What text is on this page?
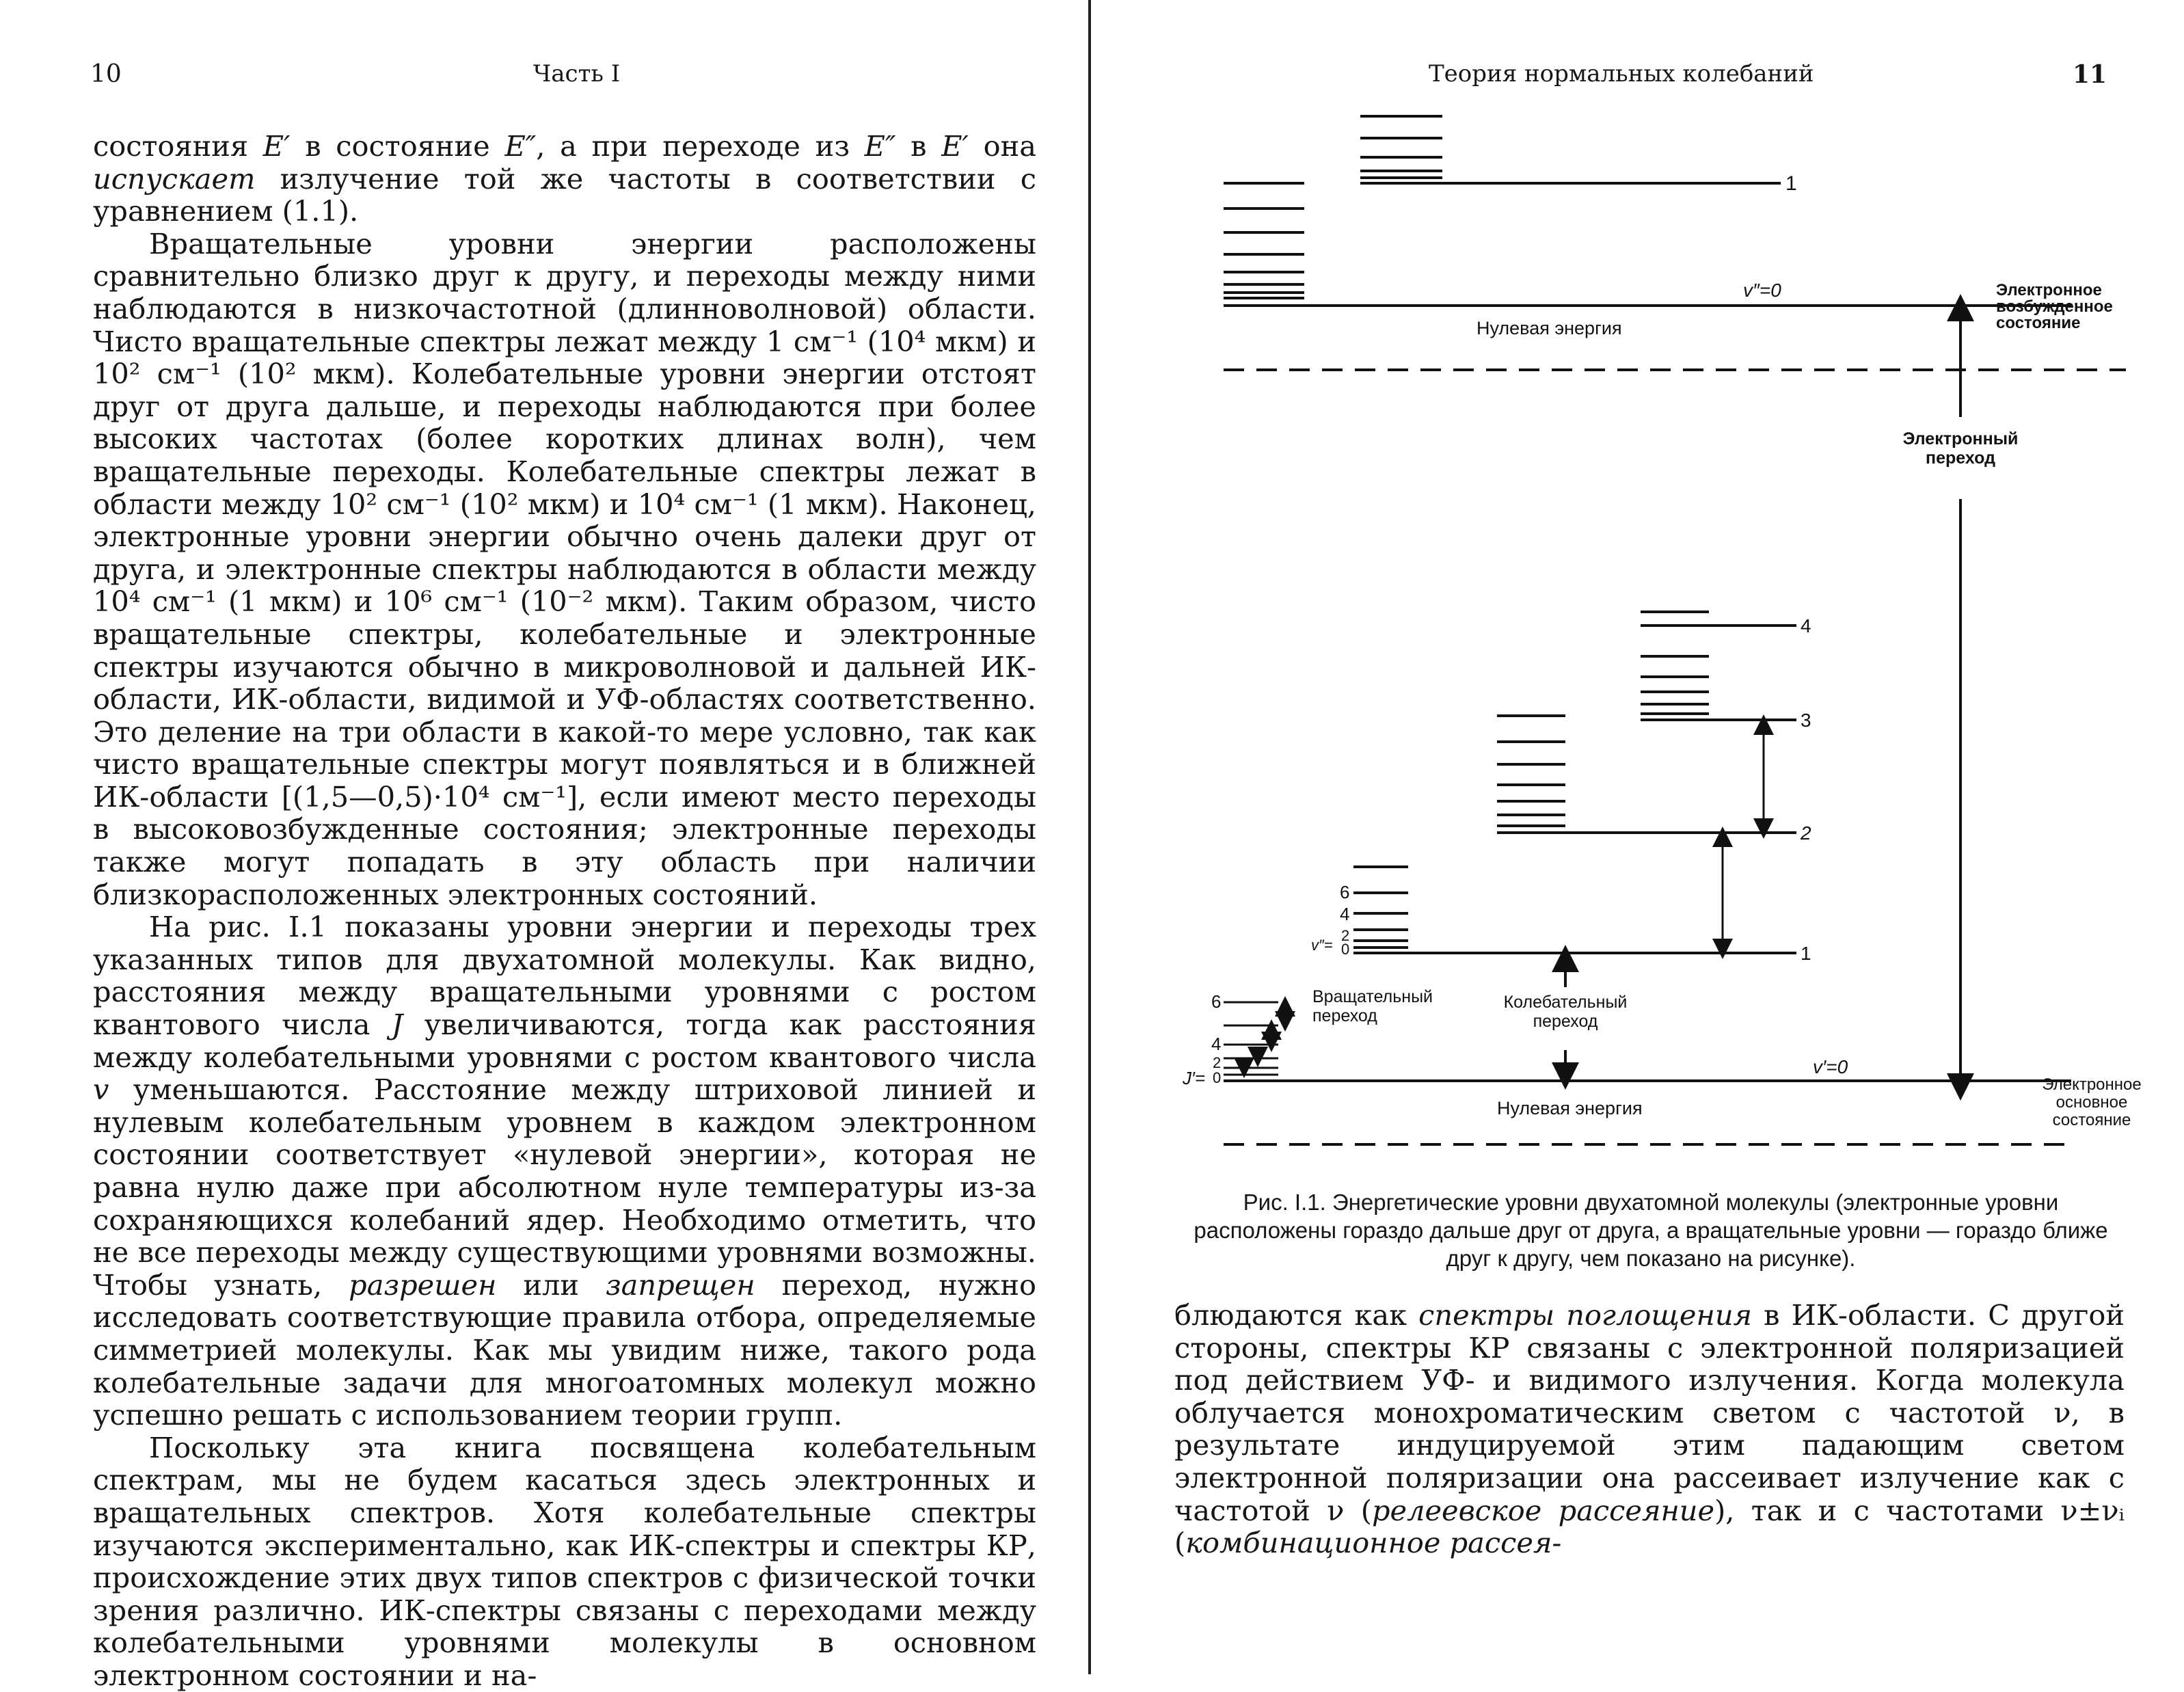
10	Часть I

состояния E′ в состояние E″, а при переходе из E″ в E′ она испускает излучение той же частоты в соответствии с уравнением (1.1).

Вращательные уровни энергии расположены сравнительно близко друг к другу, и переходы между ними наблюдаются в низкочастотной (длинноволновой) области. Чисто вращательные спектры лежат между 1 см⁻¹ (10⁴ мкм) и 10² см⁻¹ (10² мкм). Колебательные уровни энергии отстоят друг от друга дальше, и переходы наблюдаются при более высоких частотах (более коротких длинах волн), чем вращательные переходы. Колебательные спектры лежат в области между 10² см⁻¹ (10² мкм) и 10⁴ см⁻¹ (1 мкм). Наконец, электронные уровни энергии обычно очень далеки друг от друга, и электронные спектры наблюдаются в области между 10⁴ см⁻¹ (1 мкм) и 10⁶ см⁻¹ (10⁻² мкм). Таким образом, чисто вращательные спектры, колебательные и электронные спектры изучаются обычно в микроволновой и дальней ИК-области, ИК-области, видимой и УФ-областях соответственно. Это деление на три области в какой-то мере условно, так как чисто вращательные спектры могут появляться и в ближней ИК-области [(1,5—0,5)·10⁴ см⁻¹], если имеют место переходы в высоковозбужденные состояния; электронные переходы также могут попадать в эту область при наличии близкорасположенных электронных состояний.

На рис. I.1 показаны уровни энергии и переходы трех указанных типов для двухатомной молекулы. Как видно, расстояния между вращательными уровнями с ростом квантового числа J увеличиваются, тогда как расстояния между колебательными уровнями с ростом квантового числа v уменьшаются. Расстояние между штриховой линией и нулевым колебательным уровнем в каждом электронном состоянии соответствует «нулевой энергии», которая не равна нулю даже при абсолютном нуле температуры из-за сохраняющихся колебаний ядер. Необходимо отметить, что не все переходы между существующими уровнями возможны. Чтобы узнать, разрешен или запрещен переход, нужно исследовать соответствующие правила отбора, определяемые симметрией молекулы. Как мы увидим ниже, такого рода колебательные задачи для многоатомных молекул можно успешно решать с использованием теории групп.

Поскольку эта книга посвящена колебательным спектрам, мы не будем касаться здесь электронных и вращательных спектров. Хотя колебательные спектры изучаются экспериментально, как ИК-спектры и спектры КР, происхождение этих двух типов спектров с физической точки зрения различно. ИК-спектры связаны с переходами между колебательными уровнями молекулы в основном электронном состоянии и на-

Теория нормальных колебаний	11
1
v″=0	Электронное
возбужденное
состояние
Нулевая энергия
Электронный
переход
1
2
3
4
v′=0
6
4
2
0
v″=
6
4
2
0
J′=
Вращательный
переход
Колебательный
переход
Электронное
основное
состояние
Нулевая энергия
Рис. I.1. Энергетические уровни двухатомной молекулы (электронные уровни расположены гораздо дальше друг от друга, а вращательные уровни — гораздо ближе друг к другу, чем показано на рисунке).

блюдаются как спектры поглощения в ИК-области. С другой стороны, спектры КР связаны с электронной поляризацией под действием УФ- и видимого излучения. Когда молекула облучается монохроматическим светом с частотой ν, в результате индуцируемой этим падающим светом электронной поляризации она рассеивает излучение как с частотой ν (релеевское рассеяние), так и с частотами ν±νᵢ (комбинационное рассея-
